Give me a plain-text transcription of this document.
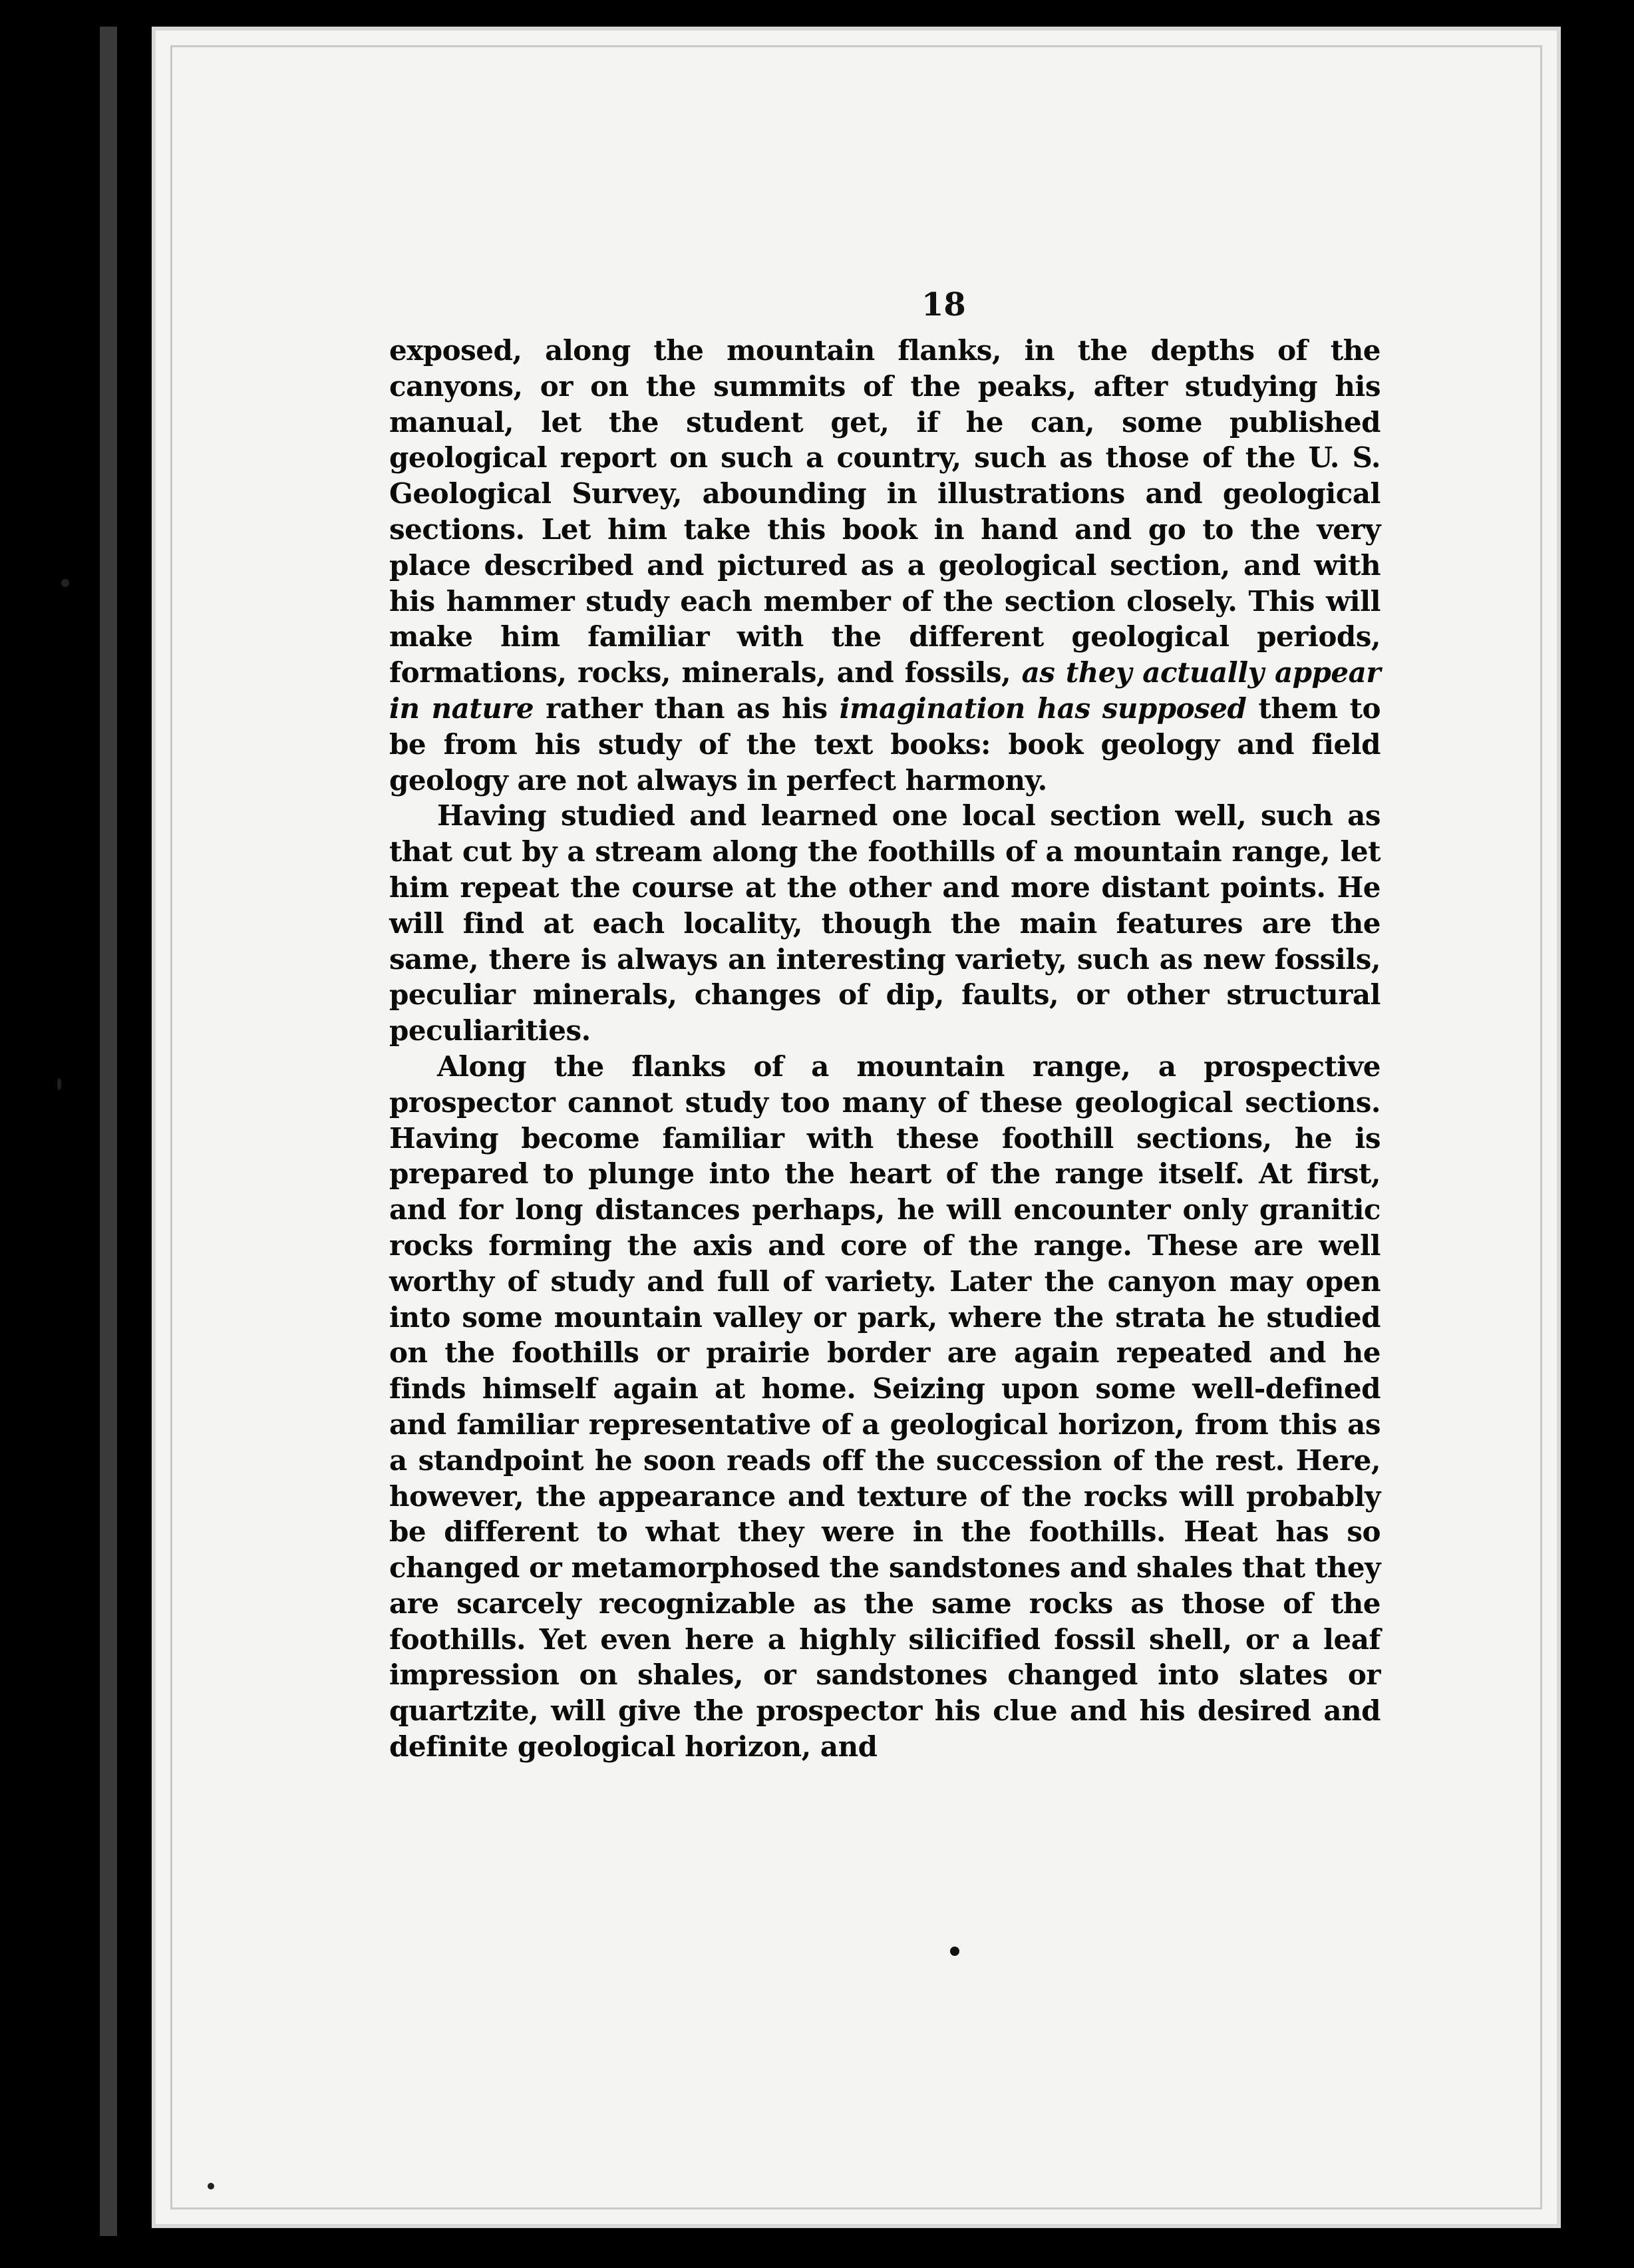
18

exposed, along the mountain flanks, in the depths of the canyons, or on the summits of the peaks, after studying his manual, let the student get, if he can, some published geological report on such a country, such as those of the U. S. Geological Survey, abounding in illustrations and geological sections. Let him take this book in hand and go to the very place described and pictured as a geological section, and with his hammer study each member of the section closely. This will make him familiar with the different geological periods, formations, rocks, minerals, and fossils, as they actually appear in nature rather than as his imagination has supposed them to be from his study of the text books: book geology and field geology are not always in perfect harmony.

Having studied and learned one local section well, such as that cut by a stream along the foothills of a mountain range, let him repeat the course at the other and more distant points. He will find at each locality, though the main features are the same, there is always an interesting variety, such as new fossils, peculiar minerals, changes of dip, faults, or other structural peculiarities.

Along the flanks of a mountain range, a prospective prospector cannot study too many of these geological sections. Having become familiar with these foothill sections, he is prepared to plunge into the heart of the range itself. At first, and for long distances perhaps, he will encounter only granitic rocks forming the axis and core of the range. These are well worthy of study and full of variety. Later the canyon may open into some mountain valley or park, where the strata he studied on the foothills or prairie border are again repeated and he finds himself again at home. Seizing upon some well-defined and familiar representative of a geological horizon, from this as a standpoint he soon reads off the succession of the rest. Here, however, the appearance and texture of the rocks will probably be different to what they were in the foothills. Heat has so changed or metamorphosed the sandstones and shales that they are scarcely recognizable as the same rocks as those of the foothills. Yet even here a highly silicified fossil shell, or a leaf impression on shales, or sandstones changed into slates or quartzite, will give the prospector his clue and his desired and definite geological horizon, and
